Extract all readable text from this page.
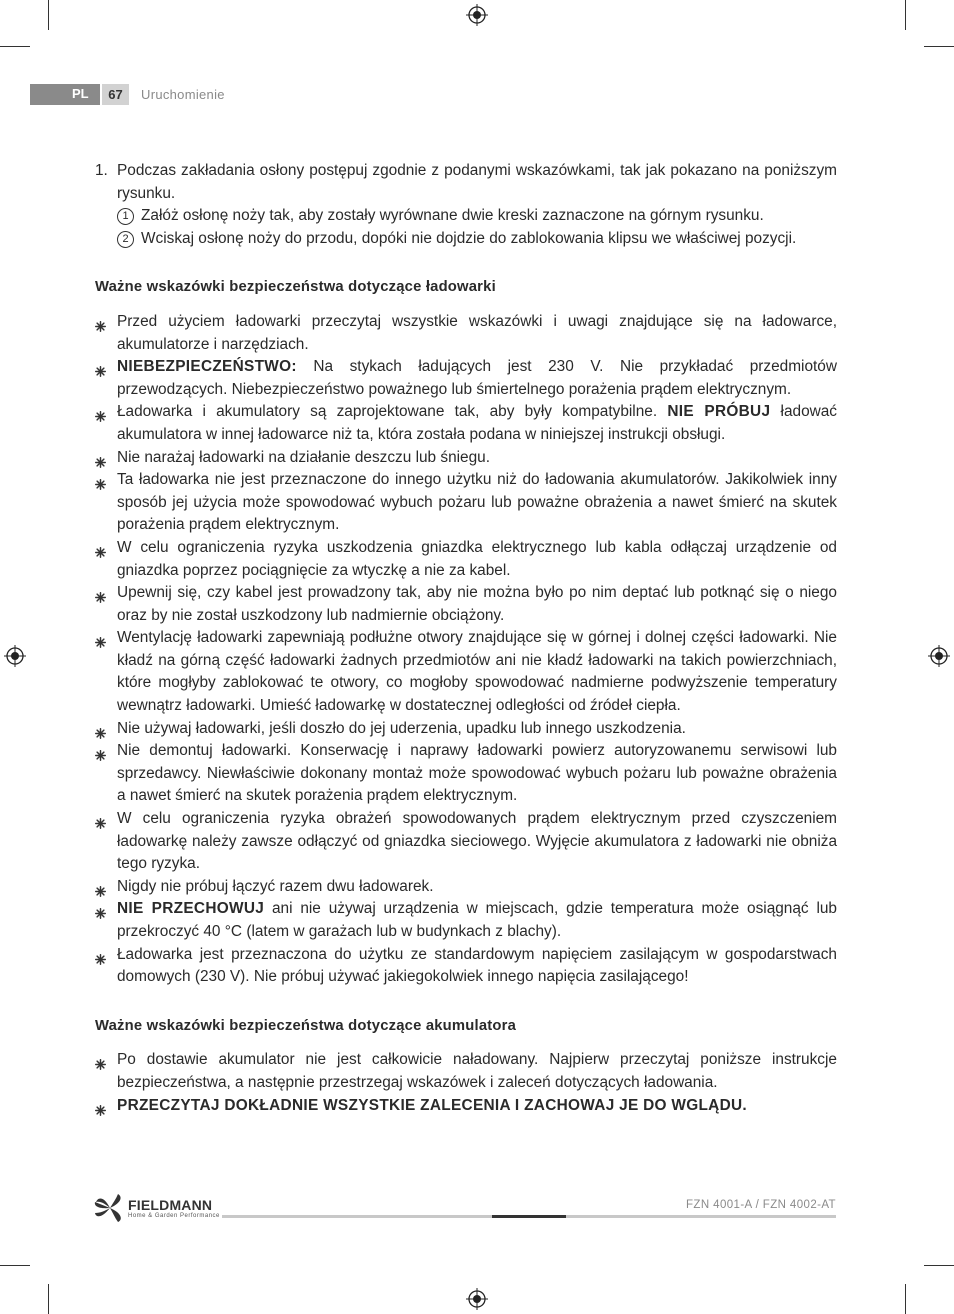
PL	67	Uruchomienie
1. Podczas zakładania osłony postępuj zgodnie z podanymi wskazówkami, tak jak pokazano na poniższym rysunku.
1 Załóż osłonę noży tak, aby zostały wyrównane dwie kreski zaznaczone na górnym rysunku.
2 Wciskaj osłonę noży do przodu, dopóki nie dojdzie do zablokowania klipsu we właściwej pozycji.
Ważne wskazówki bezpieczeństwa dotyczące ładowarki
Przed użyciem ładowarki przeczytaj wszystkie wskazówki i uwagi znajdujące się na ładowarce, akumulatorze i narzędziach.
NIEBEZPIECZEŃSTWO: Na stykach ładujących jest 230 V. Nie przykładać przedmiotów przewodzących. Niebezpieczeństwo poważnego lub śmiertelnego porażenia prądem elektrycznym.
Ładowarka i akumulatory są zaprojektowane tak, aby były kompatybilne. NIE PRÓBUJ ładować akumulatora w innej ładowarce niż ta, która została podana w niniejszej instrukcji obsługi.
Nie narażaj ładowarki na działanie deszczu lub śniegu.
Ta ładowarka nie jest przeznaczone do innego użytku niż do ładowania akumulatorów. Jakikolwiek inny sposób jej użycia może spowodować wybuch pożaru lub poważne obrażenia a nawet śmierć na skutek porażenia prądem elektrycznym.
W celu ograniczenia ryzyka uszkodzenia gniazdka elektrycznego lub kabla odłączaj urządzenie od gniazdka poprzez pociągnięcie za wtyczkę a nie za kabel.
Upewnij się, czy kabel jest prowadzony tak, aby nie można było po nim deptać lub potknąć się o niego oraz by nie został uszkodzony lub nadmiernie obciążony.
Wentylację ładowarki zapewniają podłużne otwory znajdujące się w górnej i dolnej części ładowarki. Nie kładź na górną część ładowarki żadnych przedmiotów ani nie kładź ładowarki na takich powierzchniach, które mogłyby zablokować te otwory, co mogłoby spowodować nadmierne podwyższenie temperatury wewnątrz ładowarki. Umieść ładowarkę w dostatecznej odległości od źródeł ciepła.
Nie używaj ładowarki, jeśli doszło do jej uderzenia, upadku lub innego uszkodzenia.
Nie demontuj ładowarki. Konserwację i naprawy ładowarki powierz autoryzowanemu serwisowi lub sprzedawcy. Niewłaściwie dokonany montaż może spowodować wybuch pożaru lub poważne obrażenia a nawet śmierć na skutek porażenia prądem elektrycznym.
W celu ograniczenia ryzyka obrażeń spowodowanych prądem elektrycznym przed czyszczeniem ładowarkę należy zawsze odłączyć od gniazdka sieciowego. Wyjęcie akumulatora z ładowarki nie obniża tego ryzyka.
Nigdy nie próbuj łączyć razem dwu ładowarek.
NIE PRZECHOWUJ ani nie używaj urządzenia w miejscach, gdzie temperatura może osiągnąć lub przekroczyć 40 °C (latem w garażach lub w budynkach z blachy).
Ładowarka jest przeznaczona do użytku ze standardowym napięciem zasilającym w gospodarstwach domowych (230 V). Nie próbuj używać jakiegokolwiek innego napięcia zasilającego!
Ważne wskazówki bezpieczeństwa dotyczące akumulatora
Po dostawie akumulator nie jest całkowicie naładowany. Najpierw przeczytaj poniższe instrukcje bezpieczeństwa, a następnie przestrzegaj wskazówek i zaleceń dotyczących ładowania.
PRZECZYTAJ DOKŁADNIE WSZYSTKIE ZALECENIA I ZACHOWAJ JE DO WGLĄDU.
FIELDMANN
Home & Garden Performance
FZN 4001-A / FZN 4002-AT
